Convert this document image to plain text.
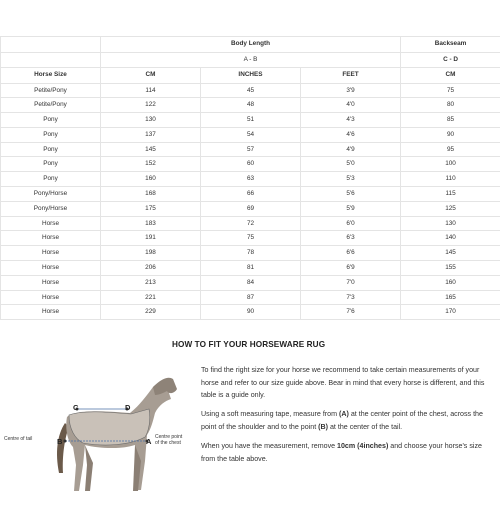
	Body Length			Backseam
	A - B			C - D
Horse Size	CM	INCHES	FEET	CM
Petite/Pony	114	45	3'9	75
Petite/Pony	122	48	4'0	80
Pony	130	51	4'3	85
Pony	137	54	4'6	90
Pony	145	57	4'9	95
Pony	152	60	5'0	100
Pony	160	63	5'3	110
Pony/Horse	168	66	5'6	115
Pony/Horse	175	69	5'9	125
Horse	183	72	6'0	130
Horse	191	75	6'3	140
Horse	198	78	6'6	145
Horse	206	81	6'9	155
Horse	213	84	7'0	160
Horse	221	87	7'3	165
Horse	229	90	7'6	170
HOW TO FIT YOUR HORSEWARE RUG
C	D
B	A
Centre of tail	Centre point of the chest

To find the right size for your horse we recommend to take certain measurements of your horse and refer to our size guide above. Bear in mind that every horse is different, and this table is a guide only.

Using a soft measuring tape, measure from (A) at the center point of the chest, across the point of the shoulder and to the point (B) at the center of the tail.

When you have the measurement, remove 10cm (4inches) and choose your horse's size from the table above.
